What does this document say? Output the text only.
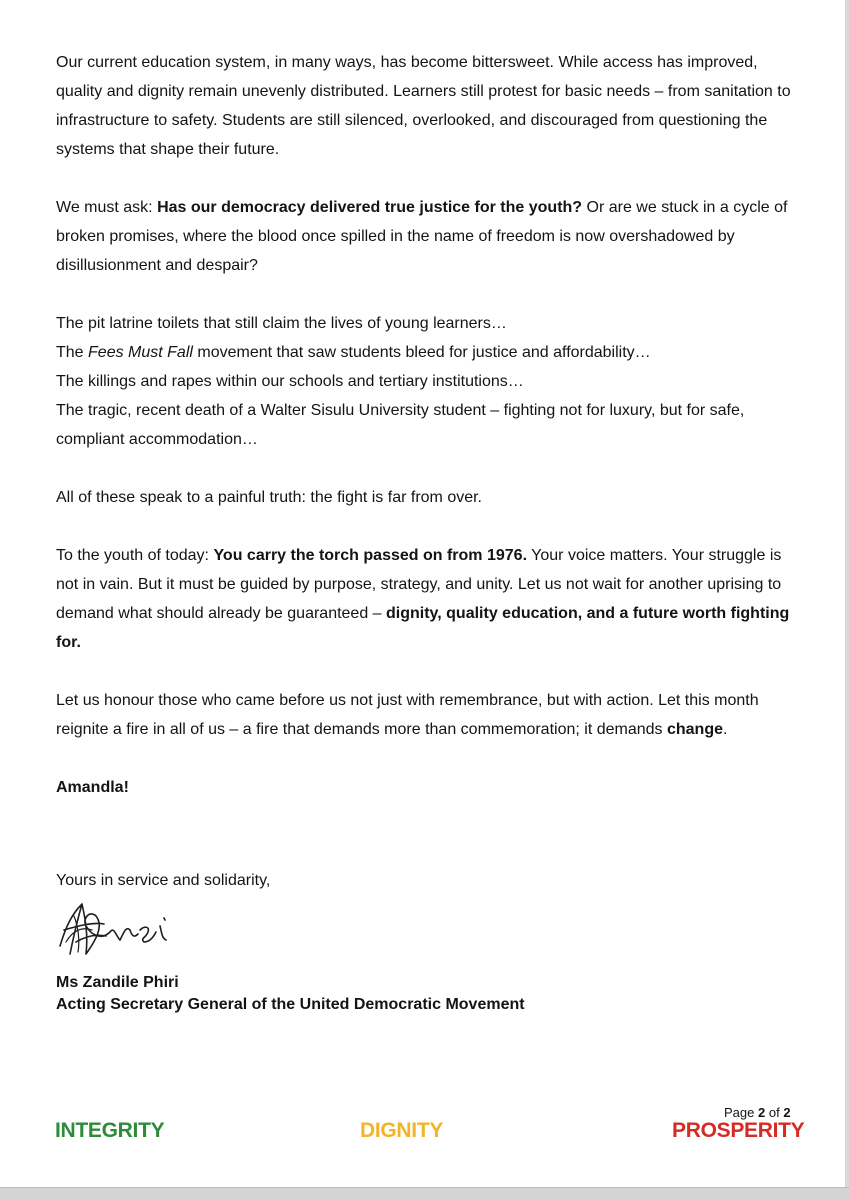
Our current education system, in many ways, has become bittersweet. While access has improved, quality and dignity remain unevenly distributed. Learners still protest for basic needs – from sanitation to infrastructure to safety. Students are still silenced, overlooked, and discouraged from questioning the systems that shape their future.

We must ask: Has our democracy delivered true justice for the youth? Or are we stuck in a cycle of broken promises, where the blood once spilled in the name of freedom is now overshadowed by disillusionment and despair?

The pit latrine toilets that still claim the lives of young learners…

The Fees Must Fall movement that saw students bleed for justice and affordability…

The killings and rapes within our schools and tertiary institutions…

The tragic, recent death of a Walter Sisulu University student – fighting not for luxury, but for safe, compliant accommodation…

All of these speak to a painful truth: the fight is far from over.

To the youth of today: You carry the torch passed on from 1976. Your voice matters. Your struggle is not in vain. But it must be guided by purpose, strategy, and unity. Let us not wait for another uprising to demand what should already be guaranteed – dignity, quality education, and a future worth fighting for.

Let us honour those who came before us not just with remembrance, but with action. Let this month reignite a fire in all of us – a fire that demands more than commemoration; it demands change.

Amandla!

Yours in service and solidarity,
Ms Zandile Phiri
Acting Secretary General of the United Democratic Movement
Page 2 of 2
INTEGRITY	DIGNITY	PROSPERITY
